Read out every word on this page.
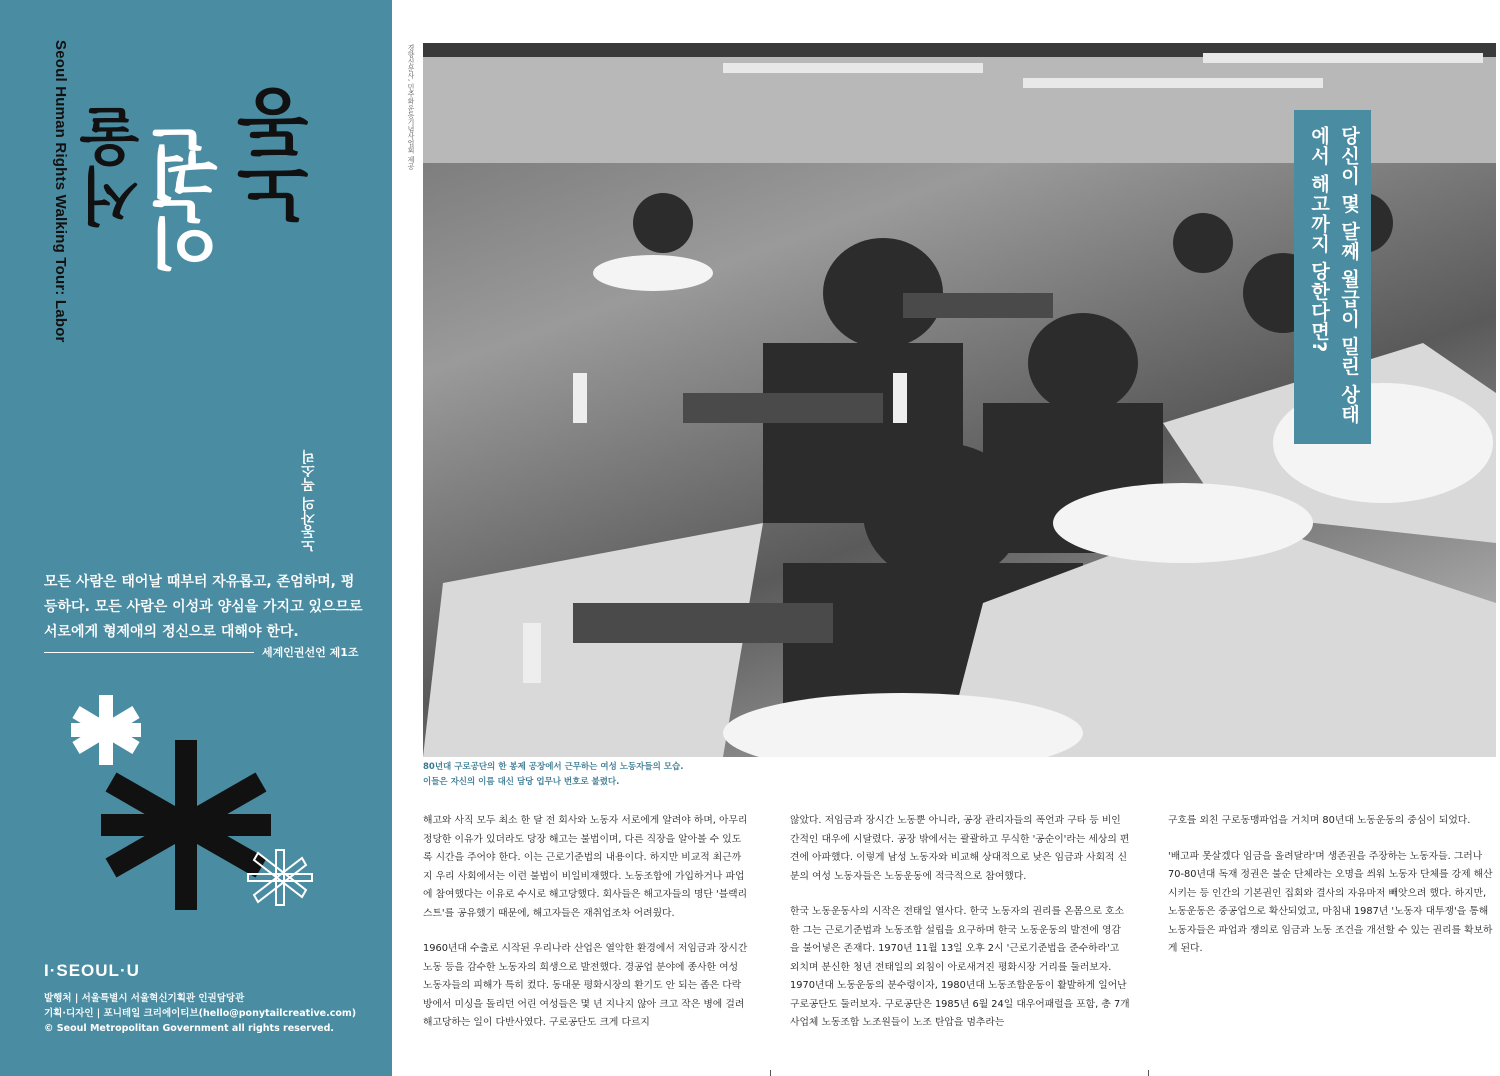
Seoul Human Rights Walking Tour: Labor 노동
인권
서울
노동자의 목소리
모든 사람은 태어날 때부터 자유롭고, 존엄하며, 평등하다. 모든 사람은 이성과 양심을 가지고 있으므로 서로에게 형제애의 정신으로 대해야 한다.
세계인권선언 제1조
I·SEOUL·U
발행처 | 서울특별시 서울혁신기획관 인권담당관
기획·디자인 | 포니테일 크리에이티브(hello@ponytailcreative.com)
© Seoul Metropolitan Government all rights reserved.
경향신문사, 민주화운동기념사업회 제공
당신이 몇 달째 월급이 밀린 상태에서 해고까지 당한다면?
80년대 구로공단의 한 봉제 공장에서 근무하는 여성 노동자들의 모습.
이들은 자신의 이름 대신 담당 업무나 번호로 불렸다.

해고와 사직 모두 최소 한 달 전 회사와 노동자 서로에게 알려야 하며, 아무리 정당한 이유가 있더라도 당장 해고는 불법이며, 다른 직장을 알아볼 수 있도록 시간을 주어야 한다. 이는 근로기준법의 내용이다. 하지만 비교적 최근까지 우리 사회에서는 이런 불법이 비일비재했다. 노동조합에 가입하거나 파업에 참여했다는 이유로 수시로 해고당했다. 회사들은 해고자들의 명단 '블랙리스트'를 공유했기 때문에, 해고자들은 재취업조차 어려웠다.

1960년대 수출로 시작된 우리나라 산업은 열악한 환경에서 저임금과 장시간 노동 등을 감수한 노동자의 희생으로 발전했다. 경공업 분야에 종사한 여성 노동자들의 피해가 특히 컸다. 동대문 평화시장의 환기도 안 되는 좁은 다락방에서 미싱을 돌리던 어린 여성들은 몇 년 지나지 않아 크고 작은 병에 걸려 해고당하는 일이 다반사였다. 구로공단도 크게 다르지

않았다. 저임금과 장시간 노동뿐 아니라, 공장 관리자들의 폭언과 구타 등 비인간적인 대우에 시달렸다. 공장 밖에서는 괄괄하고 무식한 '공순이'라는 세상의 편견에 아파했다. 이렇게 남성 노동자와 비교해 상대적으로 낮은 임금과 사회적 신분의 여성 노동자들은 노동운동에 적극적으로 참여했다.

한국 노동운동사의 시작은 전태일 열사다. 한국 노동자의 권리를 온몸으로 호소한 그는 근로기준법과 노동조합 설립을 요구하며 한국 노동운동의 발전에 영감을 불어넣은 존재다. 1970년 11월 13일 오후 2시 '근로기준법을 준수하라'고 외치며 분신한 청년 전태일의 외침이 아로새겨진 평화시장 거리를 둘러보자. 1970년대 노동운동의 분수령이자, 1980년대 노동조합운동이 활발하게 일어난 구로공단도 둘러보자. 구로공단은 1985년 6월 24일 대우어패럴을 포함, 총 7개 사업체 노동조합 노조원들이 노조 탄압을 멈추라는

구호를 외친 구로동맹파업을 거치며 80년대 노동운동의 중심이 되었다.

'배고파 못살겠다 임금을 올려달라'며 생존권을 주장하는 노동자들. 그러나 70-80년대 독재 정권은 불순 단체라는 오명을 씌워 노동자 단체를 강제 해산시키는 등 인간의 기본권인 집회와 결사의 자유마저 빼앗으려 했다. 하지만, 노동운동은 중공업으로 확산되었고, 마침내 1987년 '노동자 대투쟁'을 통해 노동자들은 파업과 쟁의로 임금과 노동 조건을 개선할 수 있는 권리를 확보하게 된다.
